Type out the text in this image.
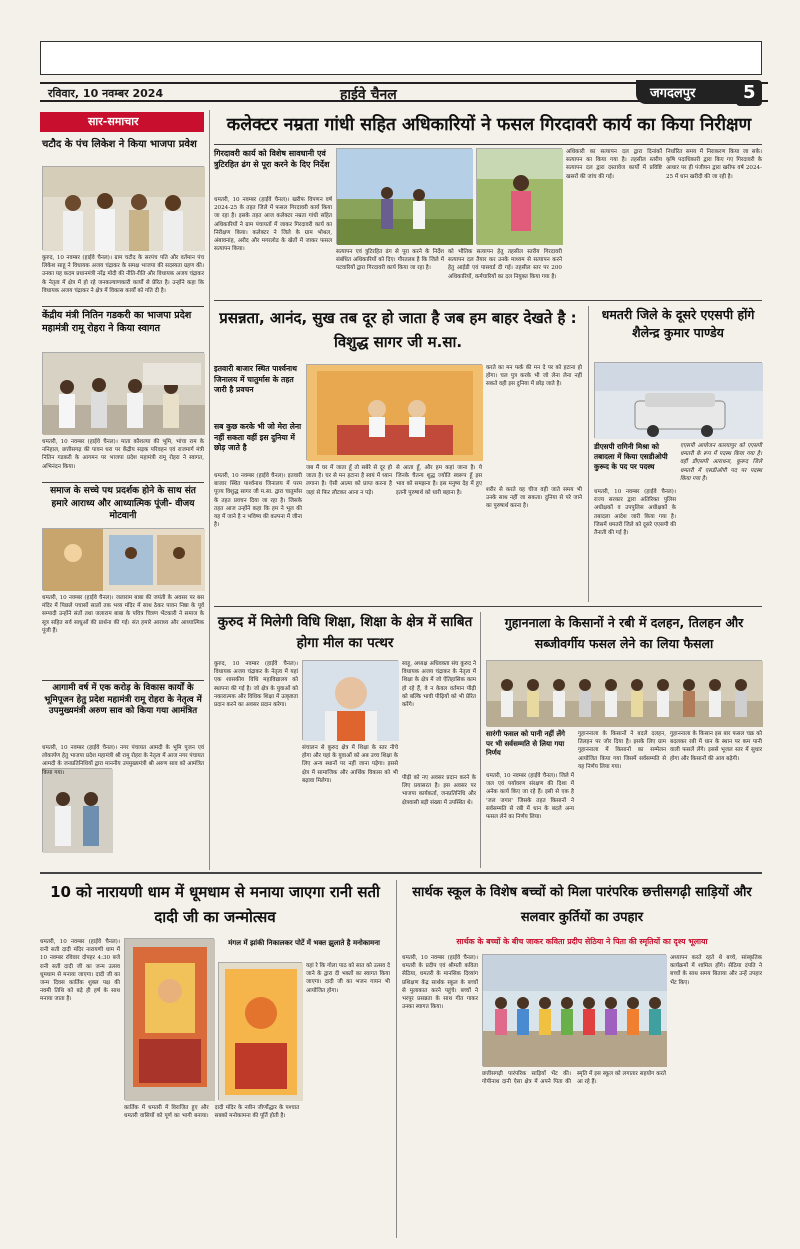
रविवार, 10 नवम्बर 2024	हाईवे चैनल	जगदलपुर	5
सार-समाचार
चटौद के पंच लिकेश ने किया भाजपा प्रवेश
कुरुद, 10 नवम्बर (हाईवे चैनल)। ग्राम चटौद के सरपंच पति और वर्तमान पंच लिकेश साहू ने विधायक अजय चंद्राकर के समक्ष भाजपा की सदस्यता ग्रहण की। उनका यह कदम प्रधानमंत्री नरेंद्र मोदी की नीति-रीति और विधायक अजय चंद्राकर के नेतृत्व में क्षेत्र में हो रहे जनकल्याणकारी कार्यों से प्रेरित है। उन्होंने कहा कि विधायक अजय चंद्राकर ने क्षेत्र में विकास कार्यों को गति दी है।
केंद्रीय मंत्री नितिन गडकरी का भाजपा प्रदेश महामंत्री रामू रोहरा ने किया स्वागत
धमतरी, 10 नवम्बर (हाईवे चैनल)। माता कौशल्या की भूमि, भांचा राम के ननिहाल, छत्तीसगढ़ की पावन धरा पर केंद्रीय सड़क परिवहन एवं राजमार्ग मंत्री नितिन गडकरी के आगमन पर भाजपा प्रदेश महामंत्री रामू रोहरा ने स्वागत, अभिनंदन किया।
समाज के सच्चे पथ प्रदर्शक होने के साथ संत हमारे आराध्य और आध्यात्मिक पूंजी- वीजय मोटवानी
धमतरी, 10 नवम्बर (हाईवे चैनल)। जलाराम बाबा की जयंती के अवसर पर बस मंदिर में पिछले पचासों सालों तक भव्य मंदिर में साथ ठेकर पावन निष्ठा के पूर्व सम्पादी उन्होंने संतों तथा जलाराम बाबा के पवित्र चित्रण भेंटकारी ने समाज के सूत्र सहित सर्व साधुओं की प्रार्थना की गई। संत हमारे आराध्य और आध्यात्मिक पूंजी हैं।
आगामी वर्ष में एक करोड़ के विकास कार्यों के भूमिपूजन हेतु प्रदेश महामंत्री रामू रोहरा के नेतृत्व में उपमुख्यमंत्री अरुण साव को किया गया आमंत्रित
धमतरी, 10 नवम्बर (हाईवे चैनल)। नगर पंचायत आमदी के भूमि पूजन एवं लोकार्पण हेतु भाजपा प्रदेश महामंत्री श्री रामू रोहरा के नेतृत्व में आज नगर पंचायत आमदी के जनप्रतिनिधियों द्वारा माननीय उपमुख्यमंत्री श्री अरुण साव को आमंत्रित किया गया।
कलेक्टर नम्रता गांधी सहित अधिकारियों ने फसल गिरदावरी कार्य का किया निरीक्षण
गिरदावरी कार्य को विशेष सावधानी एवं त्रुटिरहित ढंग से पूरा करने के दिए निर्देश
धमतरी, 10 नवम्बर (हाईवे चैनल)। खरीफ विपणन वर्ष 2024-25 के तहत जिले में फसल गिरदावरी कार्य किया जा रहा है। इसके तहत आज कलेक्टर नम्रता गांधी सहित अधिकारियों ने ग्राम पंचायतों में जाकर गिरदावरी कार्य का निरीक्षण किया। कलेक्टर ने जिले के ग्राम भोथल, अंबावनांह, अरौद और मगरलोड के खेतों में जाकर फसल सत्यापन किया।	सत्यापन एवं त्रुटिरहित ढंग से पूरा करने के निर्देश संबंधित अधिकारियों को दिए। गौरतलब है कि जिले में पटवारियों द्वारा गिरदावरी कार्य किया जा रहा है।
को भौतिक सत्यापन हेतु तहसील स्तरीय गिरदावरी सत्यापन दल तैयार कर उनके माध्यम से सत्यापन करने हेतु आईडी एवं पासवर्ड दी गई। तहसील स्तर पर 200 अधिकारियों, कर्मचारियों का दल नियुक्त किया गया है।
अधिकारी का सत्यापन दल द्वारा दिनांकों सत्यापन का किया गया है। तहसील स्तरीय सत्यापन दल द्वारा दस्तावेज कार्यों में प्रविष्टि खसरों की जांच की गई।
निर्धारित समय में निराकरण किया जा सके। कृषि पदाधिकारी द्वारा किए गए गिरदावरी के आधार पर ही पंजीयन द्वारा खरीफ वर्ष 2024-25 में धान खरीदी की जा रही है।
प्रसन्नता, आनंद, सुख तब दूर हो जाता है जब हम बाहर देखते है : विशुद्ध सागर जी म.सा.
इतवारी बाजार स्थित पार्श्वनाथ जिनालय में चातुर्मास के तहत जारी है प्रवचन
सब कुछ करके भी जो मेरा लेना नहीं सकता वहीं इस दुनिया में छोड़ जाते है
धमतरी, 10 नवम्बर (हाईवे चैनल)। इतवारी बाजार स्थित पार्श्वनाथ जिनालय में परम पूज्य विशुद्ध सागर जी म.सा. द्वारा चातुर्मास के तहत प्रवचन दिया जा रहा है। जिसके तहत आज उन्होंने कहा कि हम ने भूल की यह में जाने है न भविष्य की कल्पना में जीना है।
जब मैं घर में जाता हूँ तो सबेरे से दूर हो जाता है। घर से मन हटाना है स्वयं में ध्यान लगाना है। ऐसी आत्मा को प्राप्त करना है जहां से फिर लौटकर आना न पड़े।
से आता हूँ, और हम कहां जाना है। ये जिनके चैतन्य शुद्ध ज्योति स्वरूप हूँ इस भाव को समझना है। इस मनुष्य देह में हुए इतनी पुरुषार्थ को धारी बहाना है।
करते का मन फर्क की मन दे पर को हटाना हो होगा। चल पुत्र करके भी जो लेना लेना नहीं सकते वही इस दुनिया में छोड़ जाते है।
शरीर से करते वह चीज वही जाते समय भी उनके साथ नहीं जा सकता। दुनिया से परे जाने का पुरुषार्थ करना है।
धमतरी जिले के दूसरे एएसपी होंगे शैलेन्द्र कुमार पाण्डेय
डीएसपी रागिनी मिश्रा को तबादला में किया एसडीओपी कुरूद के पद पर पदस्थ
धमतरी, 10 नवम्बर (हाईवे चैनल)। राज्य सरकार द्वारा अतिरिक्त पुलिस अधीक्षकों व उपपुलिस अधीक्षकों के तबादला आदेश जारी किया गया है। जिसमें धमतरी जिले को दूसरे एएसपी की तैनाती की गई है।
एएसपी आयोजन कारयापुर को एएसपी धमतरी के रूप में पदस्थ किया गया है। वहीं डीएसपी आराधना, कुरूद जिले धमतरी में एसडीओपी पद पर पदस्थ किया गया है।
कुरुद में मिलेगी विधि शिक्षा, शिक्षा के क्षेत्र में साबित होगा मील का पत्थर
कुरुद, 10 नवम्बर (हाईवे चैनल)। विधायक अजय चंद्राकर के नेतृत्व में यहां एक शासकीय विधि महाविद्यालय को स्थापना की गई है। जो क्षेत्र के युवाओं को नकारात्मक और विधिक शिक्षा में उत्कृष्टता प्रदान करने का अवसर प्रदान करेगा।
संचालन से कुरुद क्षेत्र में शिक्षा के स्तर नीचे होगा और यहां के युवाओं को अब उच्च शिक्षा के लिए अन्य स्थानों पर नहीं जाना पड़ेगा। इससे क्षेत्र में सामाजिक और आर्थिक विकास को भी बढ़ावा मिलेगा।
साहू, अध्यक्ष अधिवक्ता संघ कुरुद ने विधायक अजय चंद्राकर के नेतृत्व में शिक्षा के क्षेत्र में जो ऐतिहासिक काम हो रहे हैं, वे न केवल वर्तमान पीढ़ी को बल्कि भावी पीढ़ियों को भी प्रेरित करेंगे।
पीढ़ी को नए अवसर प्रदान करने के लिए प्रयासरत है। इस अवसर पर भाजपा कार्यकर्ता, जनप्रतिनिधि और क्षेत्रवासी बड़ी संख्या में उपस्थित थे।
गुहाननाला के किसानों ने रबी में दलहन, तिलहन और सब्जीवर्गीय फसल लेने का लिया फैसला
सारंगी फसल को पानी नहीं लेंगे पर भी सर्वसम्मति से लिया गया निर्णय
धमतरी, 10 नवम्बर (हाईवे चैनल)। जिले में जल एवं पर्यावरण संरक्षण की दिशा में अनेक कार्य किए जा रहे हैं। इसी से एक है 'जल जगार' जिसके तहत किसानों ने सर्वसम्मति से रबी में धान के बदले अन्य फसल लेने का निर्णय लिया।
गुहाननाला के किसानों ने बदले दलहन, तिलहन पर जोर दिया है। इसके लिए ग्राम गुहाननाला में किसानों का सम्मेलन आयोजित किया गया जिसमें सर्वसम्मति से यह निर्णय लिया गया।
गुहाननाला के किसान इस बार फसल चक्र को बदलकर रबी में धान के स्थान पर कम पानी वाली फसलें लेंगे। इससे भूजल स्तर में सुधार होगा और किसानों की आय बढ़ेगी।
10 को नारायणी धाम में धूमधाम से मनाया जाएगा रानी सती दादी जी का जन्मोत्सव
धमतरी, 10 नवम्बर (हाईवे चैनल)। रानी सती दादी मंदिर नारायणी धाम में 10 नवम्बर रविवार दोपहर 4:30 बजे रानी सती दादी जी का जन्म उत्सव धूमधाम से मनाया जाएगा। दादी जी का जन्म दिवस कार्तिक शुक्ल पक्ष की नवमी तिथि को बड़े ही हर्ष के साथ मनाया जाता है।
मंगल में झांकी निकालकर पोर्टे में भक्त झुलाते है मनोकामना
यहां रे कि गोला पाठ को सात को उत्सव दे जाने के द्वारा दी भक्तों का स्वागत किया जाएगा। दादी जी का भजन गायन भी आयोजित होगा।
कार्तिक में धमतरी में विराजित हुए और धमतरी वासियों को पूर्ण का भागी बनाया। दादी मंदिर के नवीन जीर्णोद्धार के पश्चात सबको मनोकामना की पूर्ति होती है।
सार्थक स्कूल के विशेष बच्चों को मिला पारंपरिक छत्तीसगढ़ी साड़ियों और सलवार कुर्तियों का उपहार
सार्थक के बच्चों के बीच जाकर कविता प्रदीप सेठिया ने पिता की स्मृतियों का दृश्य भूलाया
धमतरी, 10 नवम्बर (हाईवे चैनल)। धमतरी के प्रदीप एवं श्रीमती कविता सेठिया, धमतरी के मानसिक दिव्यांग प्रशिक्षण केंद्र सार्थक स्कूल के बच्चों से मुलाकात करने पहुंचे। बच्चों ने भरपूर प्रसन्नता के साथ गीत गाकर उनका स्वागत किया।
छत्तीसगढ़ी पारंपरिक साड़ियाँ भेंट की। गोपीनाथ दानी ऐसा क्षेत्र में अपने पिता की स्मृति में इस स्कूल को लगातार सहयोग करते आ रहे हैं।
अध्यापन करते रहते थे बच्चे, सांस्कृतिक कार्यक्रमों में शामिल होंगे। सेठिया दंपति ने बच्चों के साथ समय बिताया और उन्हें उपहार भेंट किए।
